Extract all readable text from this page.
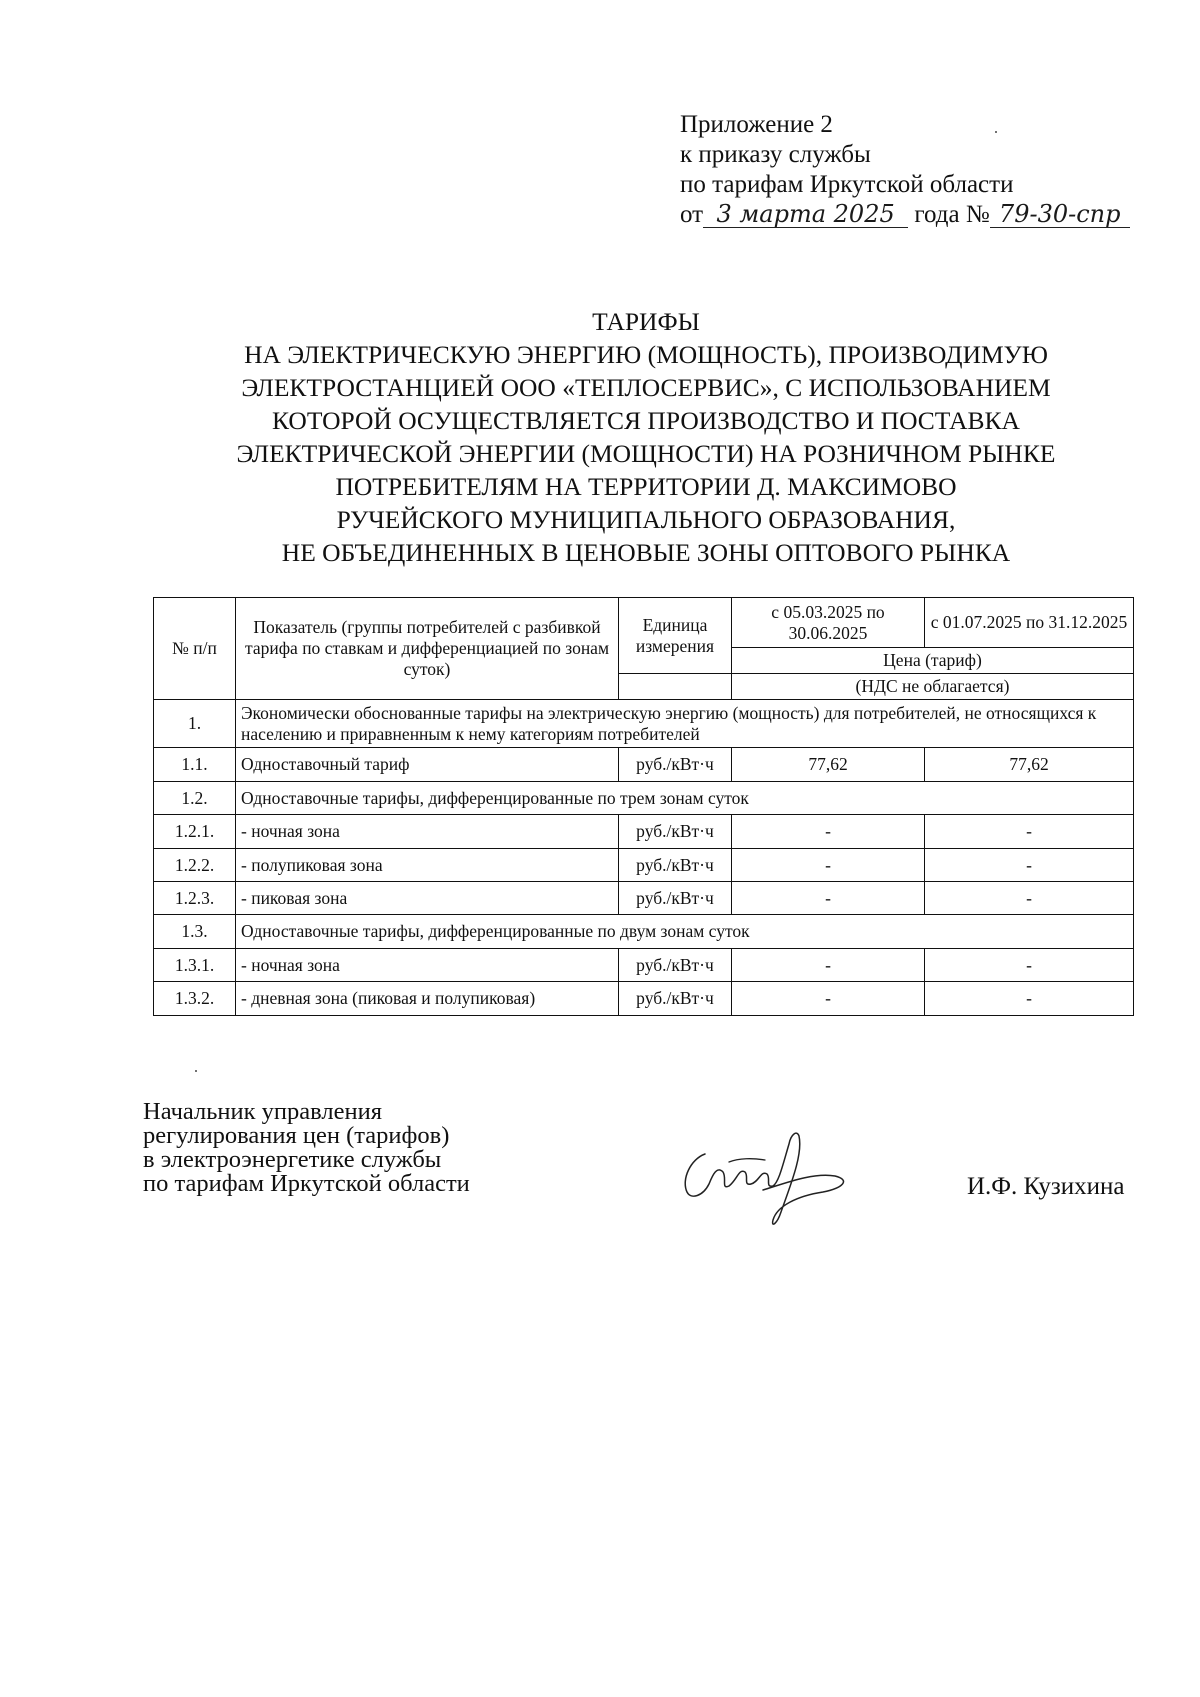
Приложение 2
к приказу службы
по тарифам Иркутской области
от 3 марта 2025 года № 79-30-спр
ТАРИФЫ
НА ЭЛЕКТРИЧЕСКУЮ ЭНЕРГИЮ (МОЩНОСТЬ), ПРОИЗВОДИМУЮ
ЭЛЕКТРОСТАНЦИЕЙ ООО «ТЕПЛОСЕРВИС», С ИСПОЛЬЗОВАНИЕМ
КОТОРОЙ ОСУЩЕСТВЛЯЕТСЯ ПРОИЗВОДСТВО И ПОСТАВКА
ЭЛЕКТРИЧЕСКОЙ ЭНЕРГИИ (МОЩНОСТИ) НА РОЗНИЧНОМ РЫНКЕ
ПОТРЕБИТЕЛЯМ НА ТЕРРИТОРИИ Д. МАКСИМОВО
РУЧЕЙСКОГО МУНИЦИПАЛЬНОГО ОБРАЗОВАНИЯ,
НЕ ОБЪЕДИНЕННЫХ В ЦЕНОВЫЕ ЗОНЫ ОПТОВОГО РЫНКА
№ п/п	Показатель (группы потребителей с разбивкой тарифа по ставкам и дифференциацией по зонам суток)	Единица измерения	с 05.03.2025 по 30.06.2025	с 01.07.2025 по 31.12.2025
			Цена (тариф)	
			(НДС не облагается)	
1.	Экономически обоснованные тарифы на электрическую энергию (мощность) для потребителей, не относящихся к населению и приравненным к нему категориям потребителей			
1.1.	Одноставочный тариф	руб./кВт·ч	77,62	77,62
1.2.	Одноставочные тарифы, дифференцированные по трем зонам суток			
1.2.1.	- ночная зона	руб./кВт·ч	-	-
1.2.2.	- полупиковая зона	руб./кВт·ч	-	-
1.2.3.	- пиковая зона	руб./кВт·ч	-	-
1.3.	Одноставочные тарифы, дифференцированные по двум зонам суток			
1.3.1.	- ночная зона	руб./кВт·ч	-	-
1.3.2.	- дневная зона (пиковая и полупиковая)	руб./кВт·ч	-	-
Начальник управления
регулирования цен (тарифов)
в электроэнергетике службы
по тарифам Иркутской области	И.Ф. Кузихина
